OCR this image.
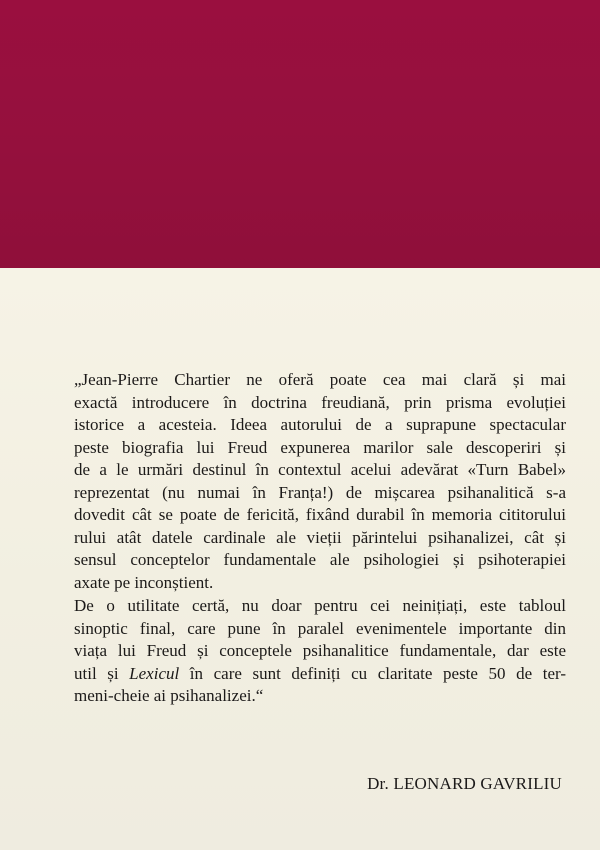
„Jean-Pierre Chartier ne oferă poate cea mai clară și mai
exactă introducere în doctrina freudiană, prin prisma evoluției
istorice a acesteia. Ideea autorului de a suprapune spectacular
peste biografia lui Freud expunerea marilor sale descoperiri și
de a le urmări destinul în contextul acelui adevărat «Turn Babel»
reprezentat (nu numai în Franța!) de mișcarea psihanalitică s-a
dovedit cât se poate de fericită, fixând durabil în memoria cititorului
rului atât datele cardinale ale vieții părintelui psihanalizei, cât și
sensul conceptelor fundamentale ale psihologiei și psihoterapiei
axate pe inconștient.

De o utilitate certă, nu doar pentru cei neinițiați, este tabloul
sinoptic final, care pune în paralel evenimentele importante din
viața lui Freud și conceptele psihanalitice fundamentale, dar este
util și Lexicul în care sunt definiți cu claritate peste 50 de ter-
meni-cheie ai psihanalizei.“

Dr. LEONARD GAVRILIU
